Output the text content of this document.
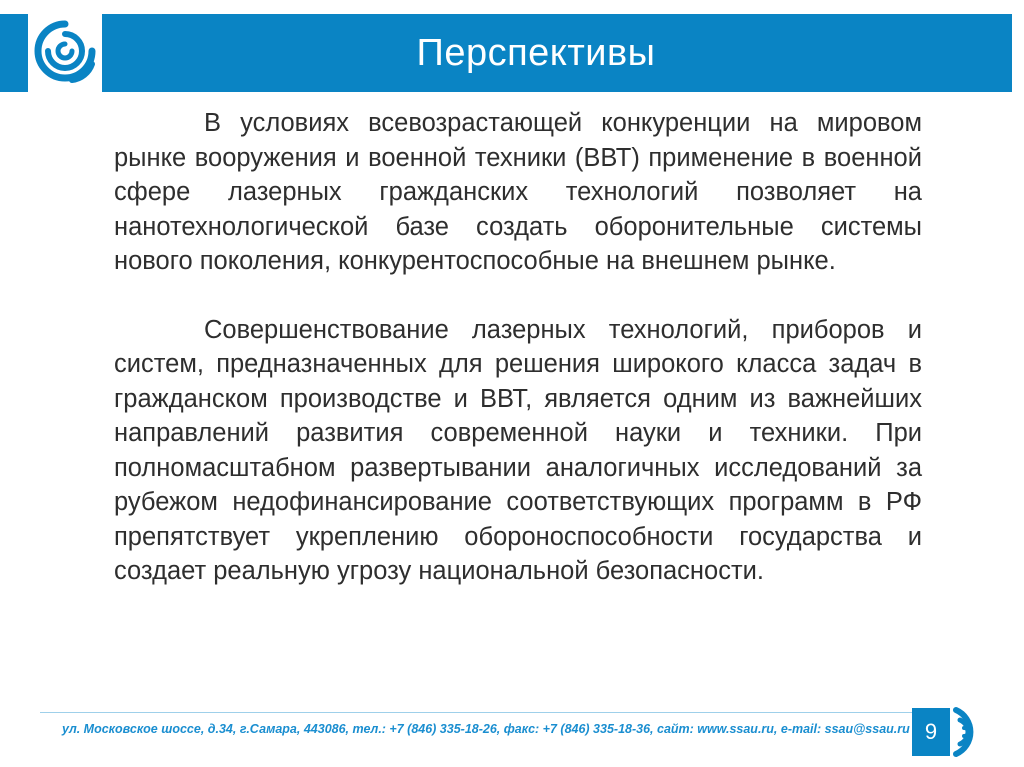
Перспективы

В условиях всевозрастающей конкуренции на мировом рынке вооружения и военной техники (ВВТ) применение в военной сфере лазерных гражданских технологий позволяет на нанотехнологической базе создать оборонительные системы нового поколения, конкурентоспособные на внешнем рынке.

Совершенствование лазерных технологий, приборов и систем, предназначенных для решения широкого класса задач в гражданском производстве и ВВТ, является одним из важнейших направлений развития современной науки и техники. При полномасштабном развертывании аналогичных исследований за рубежом недофинансирование соответствующих программ в РФ препятствует укреплению обороноспособности государства и создает реальную угрозу национальной безопасности.

ул. Московское шоссе, д.34, г.Самара, 443086, тел.: +7 (846) 335-18-26, факс: +7 (846) 335-18-36, сайт: www.ssau.ru, e-mail: ssau@ssau.ru 9
